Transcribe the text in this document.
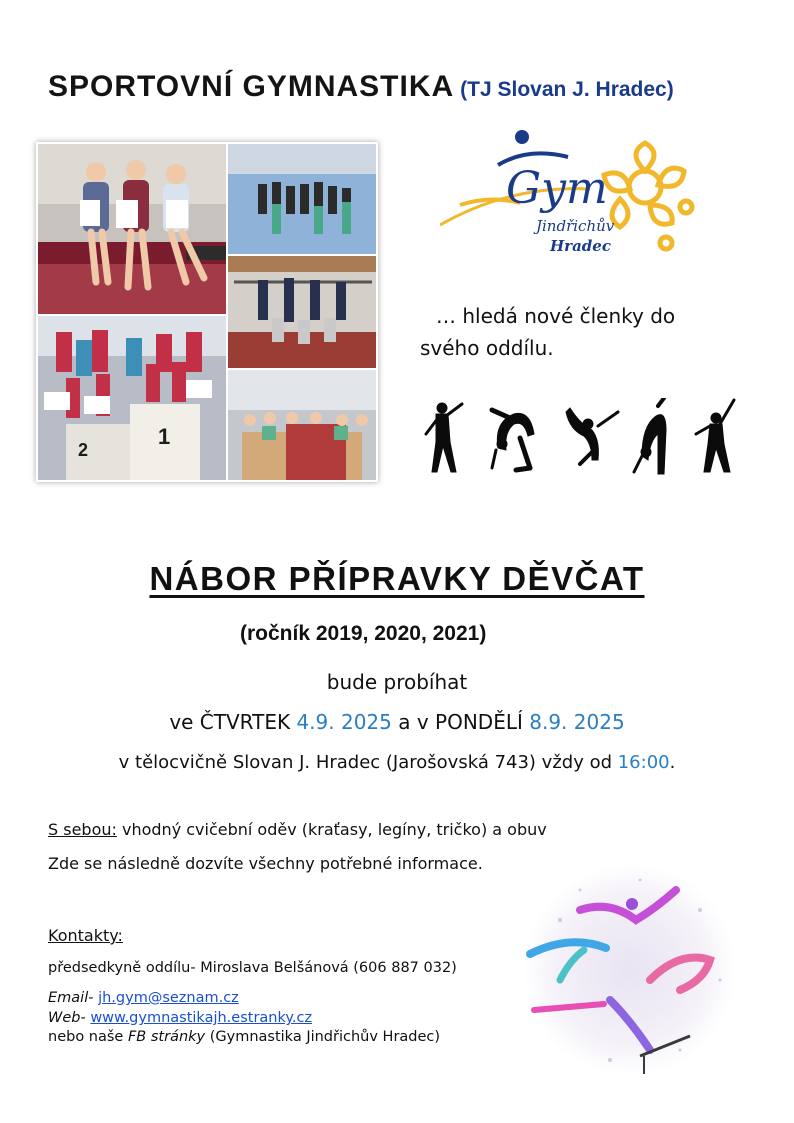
SPORTOVNÍ GYMNASTIKA (TJ Slovan J. Hradec)
2
1
Gym
Jindřichův
Hradec
… hledá nové členky do
svého oddílu.
NÁBOR PŘÍPRAVKY DĚVČAT
(ročník 2019, 2020, 2021)
bude probíhat
ve ČTVRTEK 4.9. 2025 a v PONDĚLÍ 8.9. 2025
v tělocvičně Slovan J. Hradec (Jarošovská 743) vždy od 16:00.
S sebou: vhodný cvičební oděv (kraťasy, legíny, tričko) a obuv
Zde se následně dozvíte všechny potřebné informace.
Kontakty:
předsedkyně oddílu- Miroslava Belšánová (606 887 032)
Email- jh.gym@seznam.cz
Web- www.gymnastikajh.estranky.cz
nebo naše FB stránky (Gymnastika Jindřichův Hradec)
